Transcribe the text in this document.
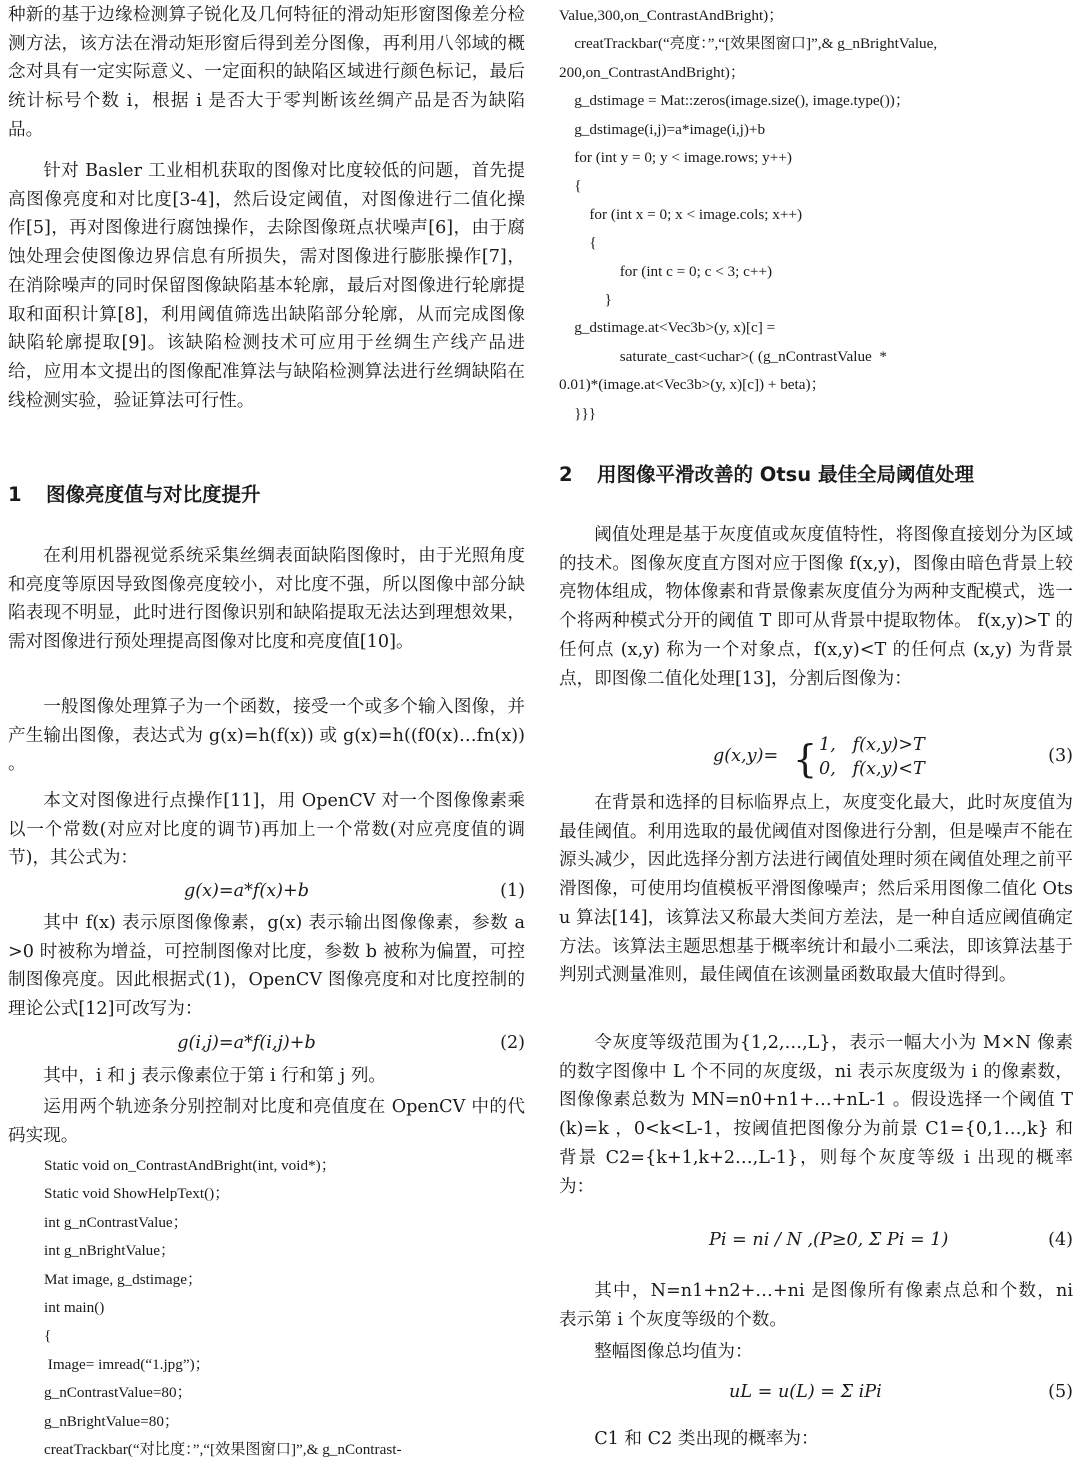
种新的基于边缘检测算子锐化及几何特征的滑动矩形窗图像差分检测方法，该方法在滑动矩形窗后得到差分图像，再利用八邻域的概念对具有一定实际意义、一定面积的缺陷区域进行颜色标记，最后统计标号个数 i，根据 i 是否大于零判断该丝绸产品是否为缺陷品。

针对 Basler 工业相机获取的图像对比度较低的问题，首先提高图像亮度和对比度[3-4]，然后设定阈值，对图像进行二值化操作[5]，再对图像进行腐蚀操作，去除图像斑点状噪声[6]，由于腐蚀处理会使图像边界信息有所损失，需对图像进行膨胀操作[7]，在消除噪声的同时保留图像缺陷基本轮廓，最后对图像进行轮廓提取和面积计算[8]，利用阈值筛选出缺陷部分轮廓，从而完成图像缺陷轮廓提取[9]。该缺陷检测技术可应用于丝绸生产线产品进给，应用本文提出的图像配准算法与缺陷检测算法进行丝绸缺陷在线检测实验，验证算法可行性。

1 图像亮度值与对比度提升

在利用机器视觉系统采集丝绸表面缺陷图像时，由于光照角度和亮度等原因导致图像亮度较小，对比度不强，所以图像中部分缺陷表现不明显，此时进行图像识别和缺陷提取无法达到理想效果，需对图像进行预处理提高图像对比度和亮度值[10]。

一般图像处理算子为一个函数，接受一个或多个输入图像，并产生输出图像，表达式为 g(x)=h(f(x)) 或 g(x)=h((f0(x)…fn(x)) 。

本文对图像进行点操作[11]，用 OpenCV 对一个图像像素乘以一个常数(对应对比度的调节)再加上一个常数(对应亮度值的调节)，其公式为：

g(x)=a*f(x)+b	(1)

其中 f(x) 表示原图像像素，g(x) 表示输出图像像素，参数 a>0 时被称为增益，可控制图像对比度，参数 b 被称为偏置，可控制图像亮度。因此根据式(1)，OpenCV 图像亮度和对比度控制的理论公式[12]可改写为：

g(i,j)=a*f(i,j)+b	(2)

其中，i 和 j 表示像素位于第 i 行和第 j 列。

运用两个轨迹条分别控制对比度和亮值度在 OpenCV 中的代码实现。

Static void on_ContrastAndBright(int, void*)；
Static void ShowHelpText()；
int g_nContrastValue；
int g_nBrightValue；
Mat image, g_dstimage；
int main()
{
Image= imread(“1.jpg”)；
g_nContrastValue=80；
g_nBrightValue=80；
creatTrackbar(“对比度：”,“[效果图窗口]”,& g_nContrast-
Value,300,on_ContrastAndBright)；
creatTrackbar(“亮度：”,“[效果图窗口]”,& g_nBrightValue,
200,on_ContrastAndBright)；
g_dstimage = Mat::zeros(image.size(), image.type())；
g_dstimage(i,j)=a*image(i,j)+b
for (int y = 0; y < image.rows; y++)
{
for (int x = 0; x < image.cols; x++)
{
for (int c = 0; c < 3; c++)
}
g_dstimage.at<Vec3b>(y, x)[c] =
saturate_cast<uchar>( (g_nContrastValue  *
0.01)*(image.at<Vec3b>(y, x)[c]) + beta)；
}}}
2 用图像平滑改善的 Otsu 最佳全局阈值处理

阈值处理是基于灰度值或灰度值特性，将图像直接划分为区域的技术。图像灰度直方图对应于图像 f(x,y)，图像由暗色背景上较亮物体组成，物体像素和背景像素灰度值分为两种支配模式，选一个将两种模式分开的阈值 T 即可从背景中提取物体。 f(x,y)>T 的任何点 (x,y) 称为一个对象点，f(x,y)<T 的任何点 (x,y) 为背景点，即图像二值化处理[13]，分割后图像为：

g(x,y)= { 1,   f(x,y)>T
0,   f(x,y)<T
(3)

在背景和选择的目标临界点上，灰度变化最大，此时灰度值为最佳阈值。利用选取的最优阈值对图像进行分割，但是噪声不能在源头减少，因此选择分割方法进行阈值处理时须在阈值处理之前平滑图像，可使用均值模板平滑图像噪声；然后采用图像二值化 Otsu 算法[14]，该算法又称最大类间方差法，是一种自适应阈值确定方法。该算法主题思想基于概率统计和最小二乘法，即该算法基于判别式测量准则，最佳阈值在该测量函数取最大值时得到。

令灰度等级范围为{1,2,…,L}，表示一幅大小为 M×N 像素的数字图像中 L 个不同的灰度级，ni 表示灰度级为 i 的像素数，图像像素总数为 MN=n0+n1+…+nL-1 。假设选择一个阈值 T(k)=k ，0<k<L-1，按阈值把图像分为前景 C1={0,1…,k} 和背景 C2={k+1,k+2…,L-1}，则每个灰度等级 i 出现的概率为：

Pi = ni / N ,(P≥0, Σ Pi = 1)	(4)

其中，N=n1+n2+…+ni 是图像所有像素点总和个数，ni 表示第 i 个灰度等级的个数。

整幅图像总均值为：

uL = u(L) = Σ iPi	(5)

C1 和 C2 类出现的概率为：
